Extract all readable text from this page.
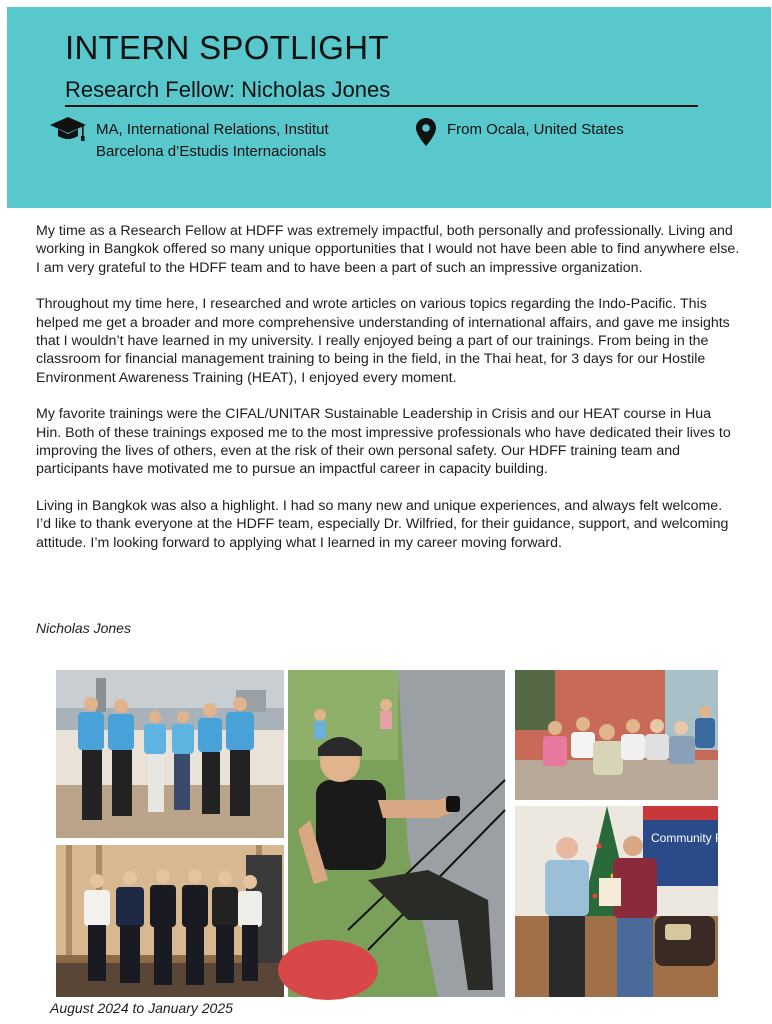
INTERN SPOTLIGHT
Research Fellow: Nicholas Jones
MA, International Relations, Institut Barcelona d’Estudis Internacionals
From Ocala, United States

My time as a Research Fellow at HDFF was extremely impactful, both personally and professionally. Living and working in Bangkok offered so many unique opportunities that I would not have been able to find anywhere else. I am very grateful to the HDFF team and to have been a part of such an impressive organization.

Throughout my time here, I researched and wrote articles on various topics regarding the Indo-Pacific. This helped me get a broader and more comprehensive understanding of international affairs, and gave me insights that I wouldn’t have learned in my university. I really enjoyed being a part of our trainings. From being in the classroom for financial management training to being in the field, in the Thai heat, for 3 days for our Hostile Environment Awareness Training (HEAT), I enjoyed every moment.

My favorite trainings were the CIFAL/UNITAR Sustainable Leadership in Crisis and our HEAT course in Hua Hin. Both of these trainings exposed me to the most impressive professionals who have dedicated their lives to improving the lives of others, even at the risk of their own personal safety. Our HDFF training team and participants have motivated me to pursue an impactful career in capacity building.

Living in Bangkok was also a highlight. I had so many new and unique experiences, and always felt welcome. I’d like to thank everyone at the HDFF team, especially Dr. Wilfried, for their guidance, support, and welcoming attitude. I’m looking forward to applying what I learned in my career moving forward.

Nicholas Jones
Community Flo
August 2024 to January 2025
